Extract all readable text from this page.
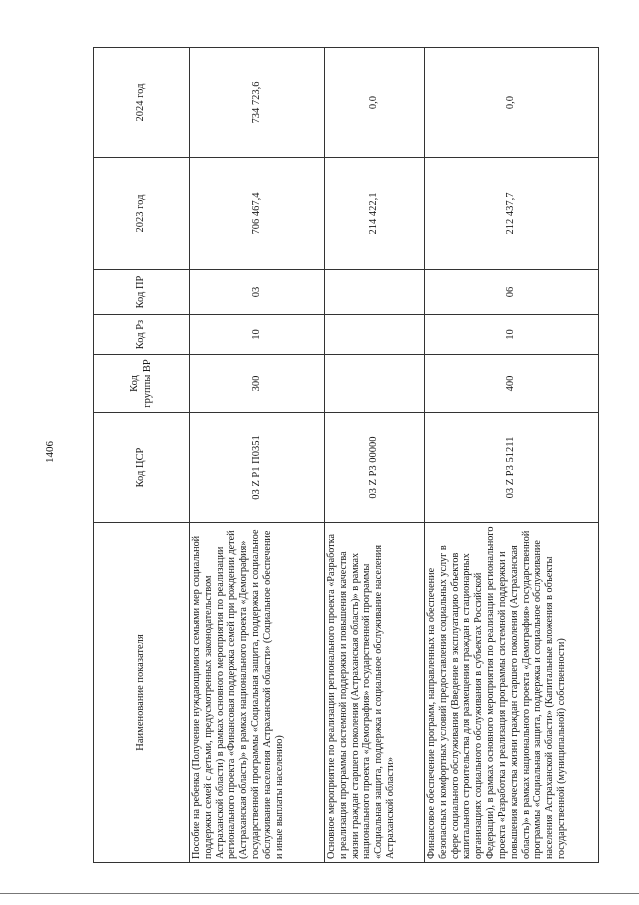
1406
Наименование показателя	Код ЦСР	Код группы ВР	Код Рз	Код ПР	2023 год	2024 год
Пособие на ребенка (Получение нуждающимися семьями мер социальной поддержки семей с детьми, предусмотренных законодательством Астраханской области) в рамках основного мероприятия по реализации регионального проекта «Финансовая поддержка семей при рождении детей (Астраханская область)» в рамках национального проекта «Демография» государственной программы «Социальная защита, поддержка и социальное обслуживание населения Астраханской области» (Социальное обеспечение и иные выплаты населению)	03 Z P1 П0351	300	10	03	706 467,4	734 723,6
Основное мероприятие по реализации регионального проекта «Разработка и реализация программы системной поддержки и повышения качества жизни граждан старшего поколения (Астраханская область)» в рамках национального проекта «Демография» государственной программы «Социальная защита, поддержка и социальное обслуживание населения Астраханской области»	03 Z P3 00000				214 422,1	0,0
Финансовое обеспечение программ, направленных на обеспечение безопасных и комфортных условий предоставления социальных услуг в сфере социального обслуживания (Введение в эксплуатацию объектов капитального строительства для размещения граждан в стационарных организациях социального обслуживания в субъектах Российской Федерации), в рамках основного мероприятия по реализации регионального проекта «Разработка и реализация программы системной поддержки и повышения качества жизни граждан старшего поколения (Астраханская область)» в рамках национального проекта «Демография» государственной программы «Социальная защита, поддержка и социальное обслуживание населения Астраханской области» (Капитальные вложения в объекты государственной (муниципальной) собственности)	03 Z P3 51211	400	10	06	212 437,7	0,0
